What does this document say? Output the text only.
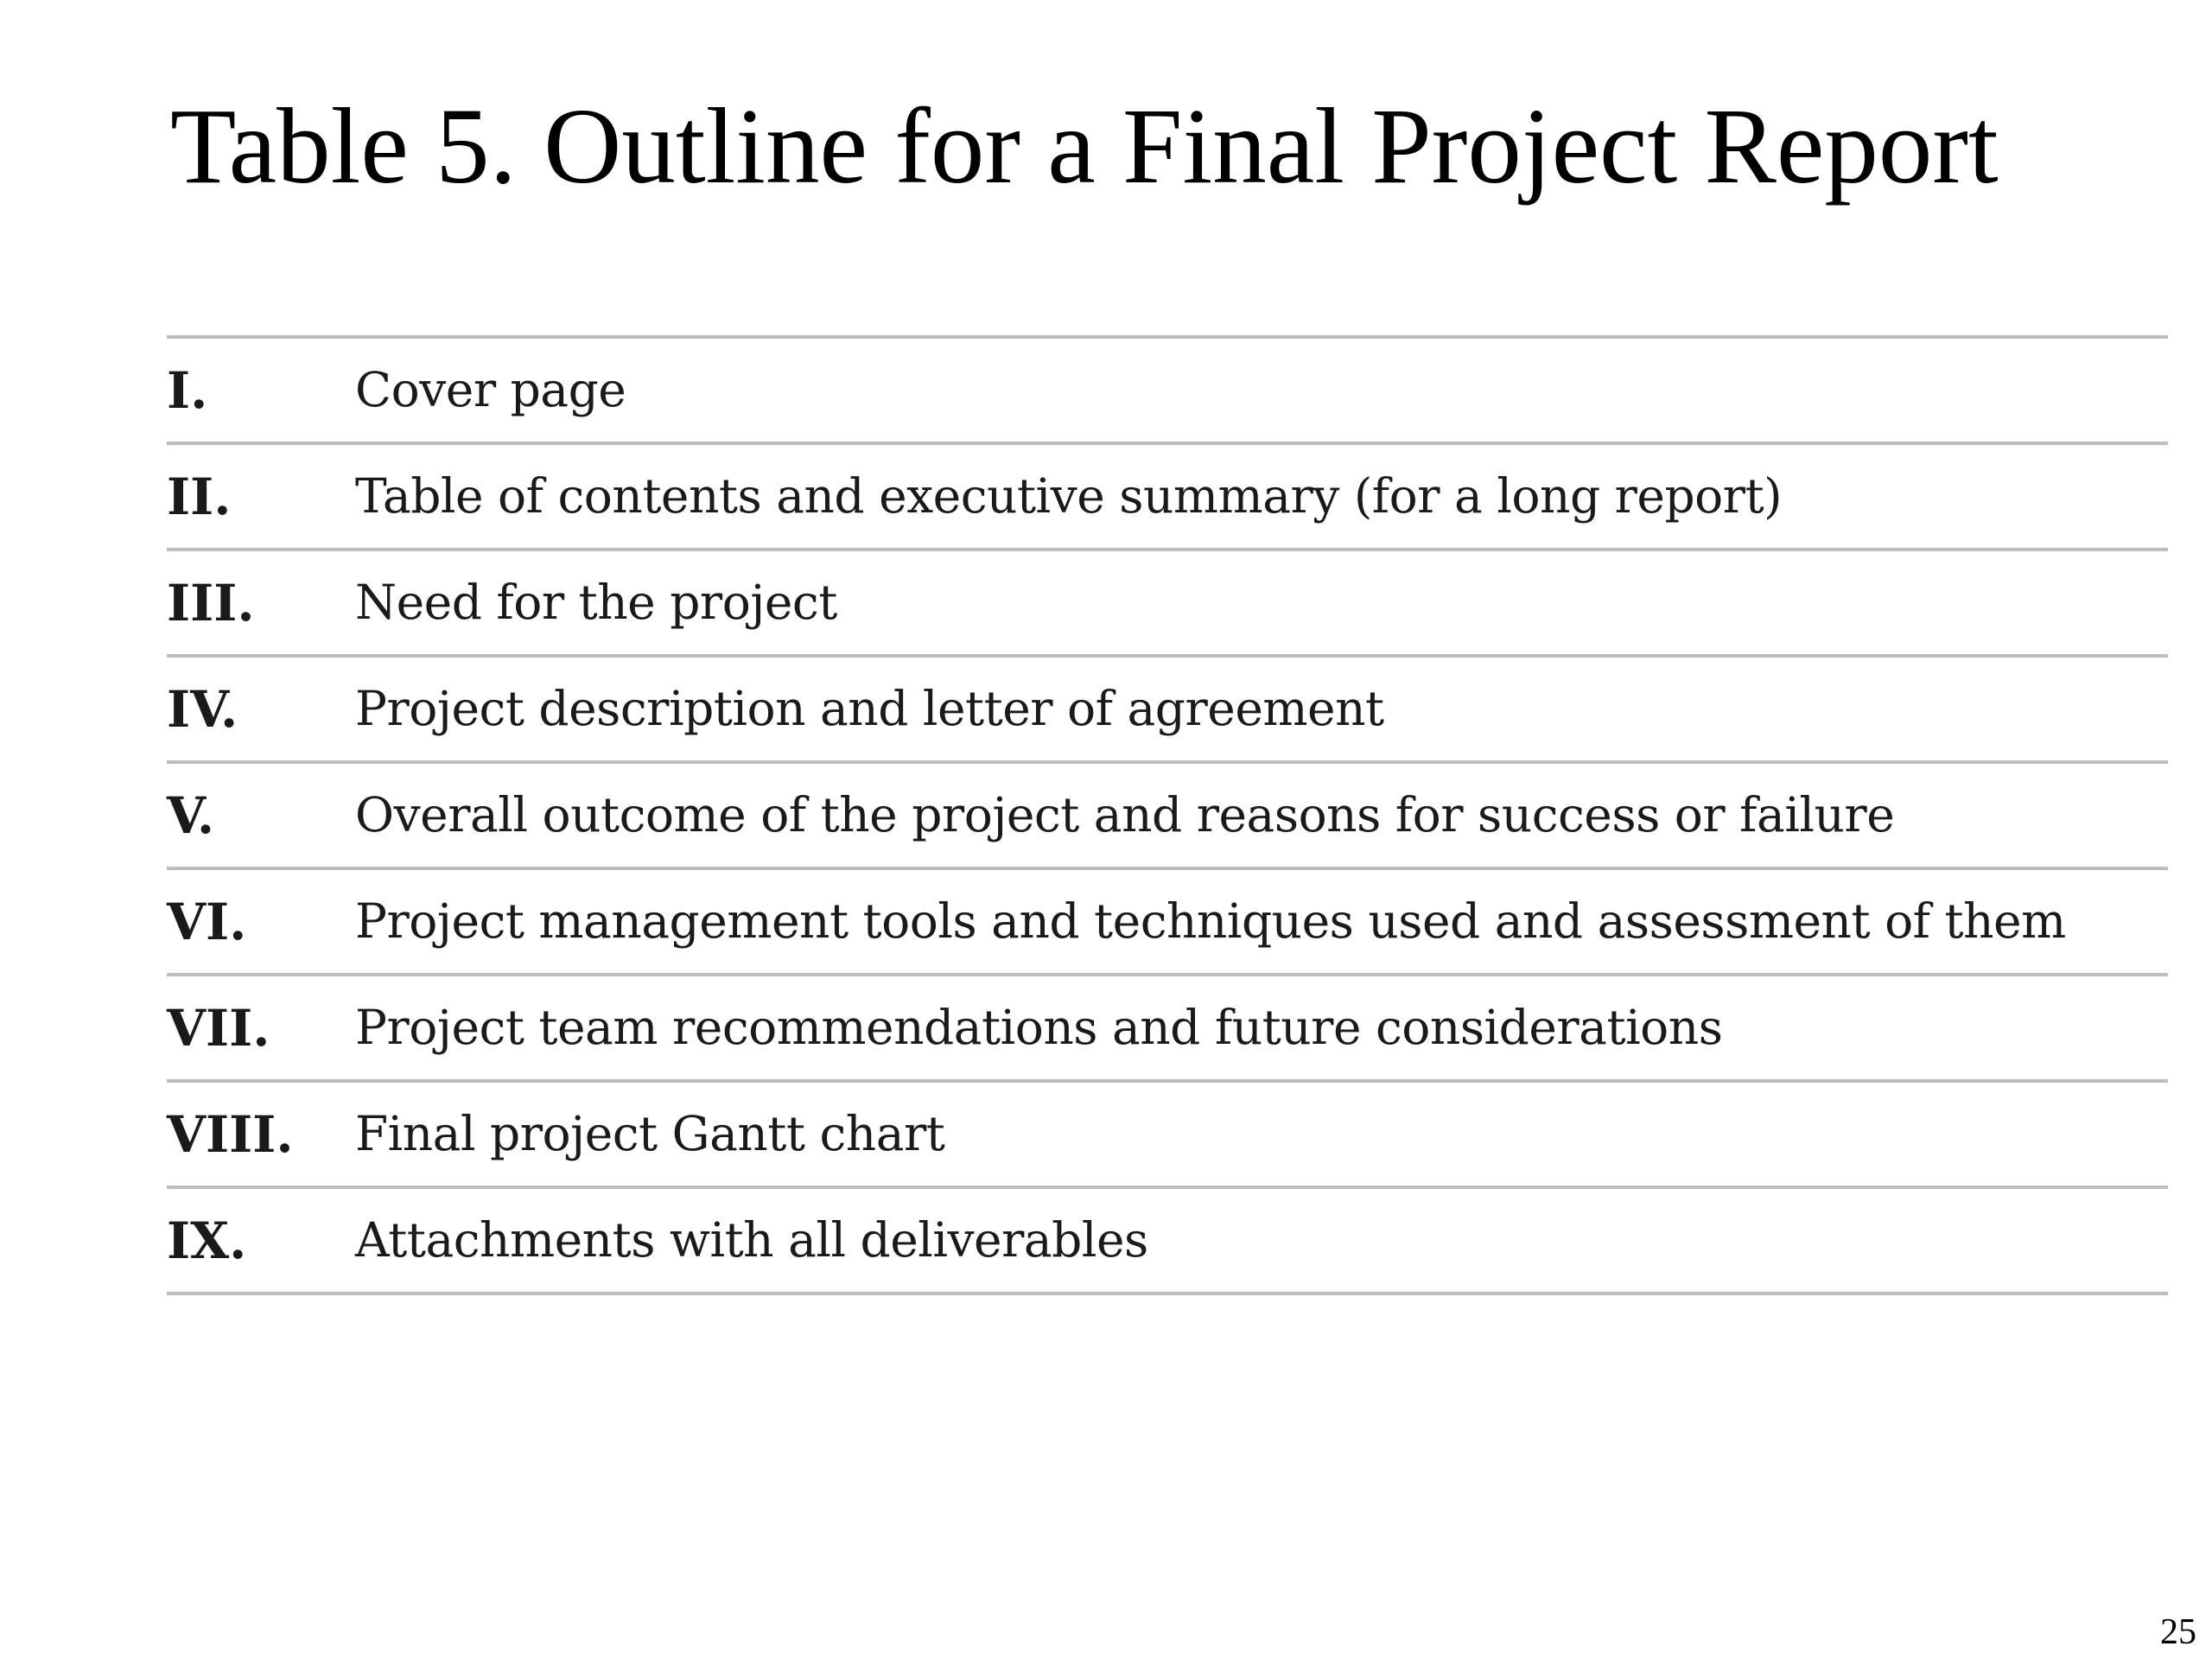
Table 5. Outline for a Final Project Report
I.	Cover page
II.	Table of contents and executive summary (for a long report)
III.	Need for the project
IV.	Project description and letter of agreement
V.	Overall outcome of the project and reasons for success or failure
VI.	Project management tools and techniques used and assessment of them
VII.	Project team recommendations and future considerations
VIII.	Final project Gantt chart
IX.	Attachments with all deliverables
25
